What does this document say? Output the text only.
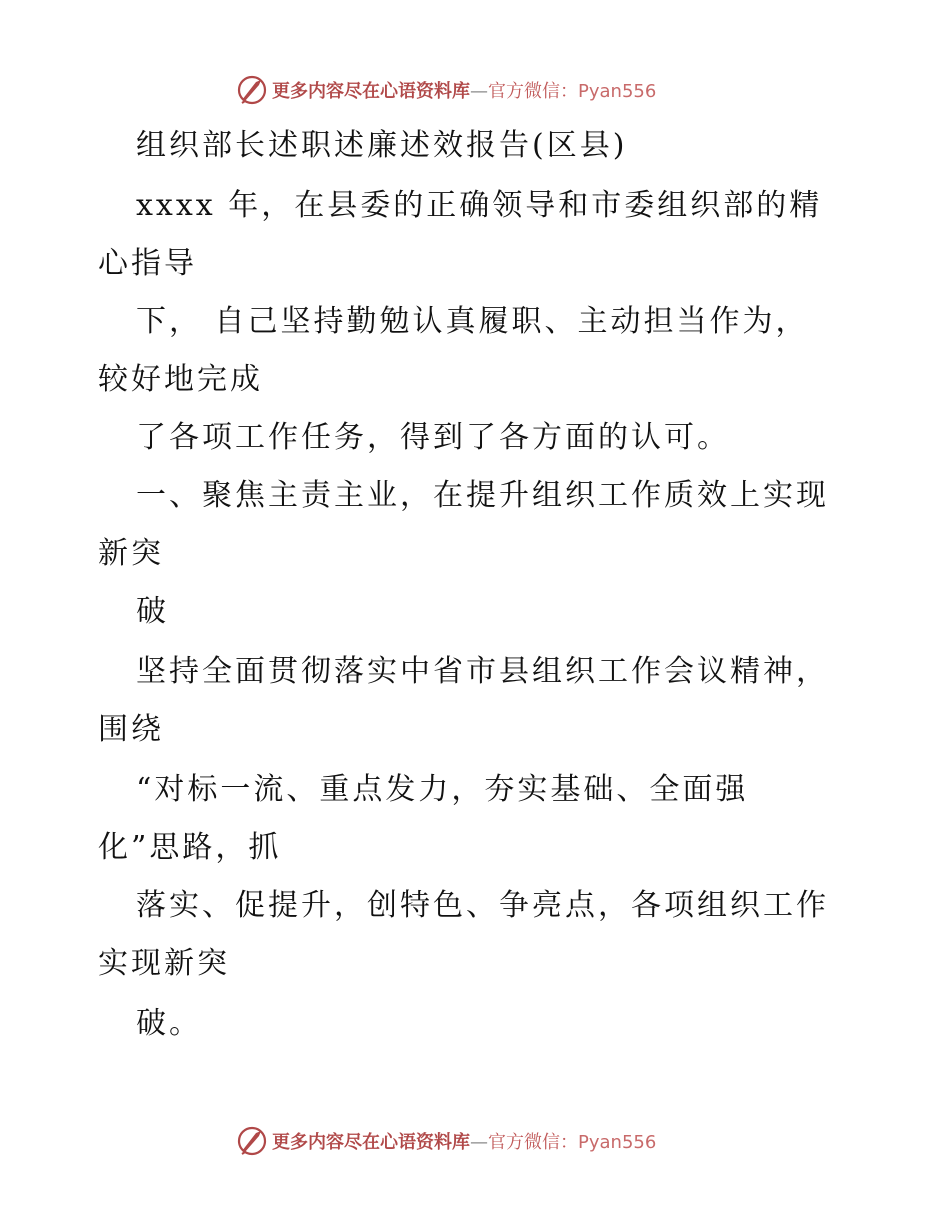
更多内容尽在心语资料库—官方微信：Pyan556
组织部长述职述廉述效报告(区县)
xxxx 年，在县委的正确领导和市委组织部的精
心指导
下， 自己坚持勤勉认真履职、主动担当作为，
较好地完成
了各项工作任务，得到了各方面的认可。
一、聚焦主责主业，在提升组织工作质效上实现
新突
破
坚持全面贯彻落实中省市县组织工作会议精神，
围绕
“对标一流、重点发力，夯实基础、全面强
化”思路，抓
落实、促提升，创特色、争亮点，各项组织工作
实现新突
破。
更多内容尽在心语资料库—官方微信：Pyan556
